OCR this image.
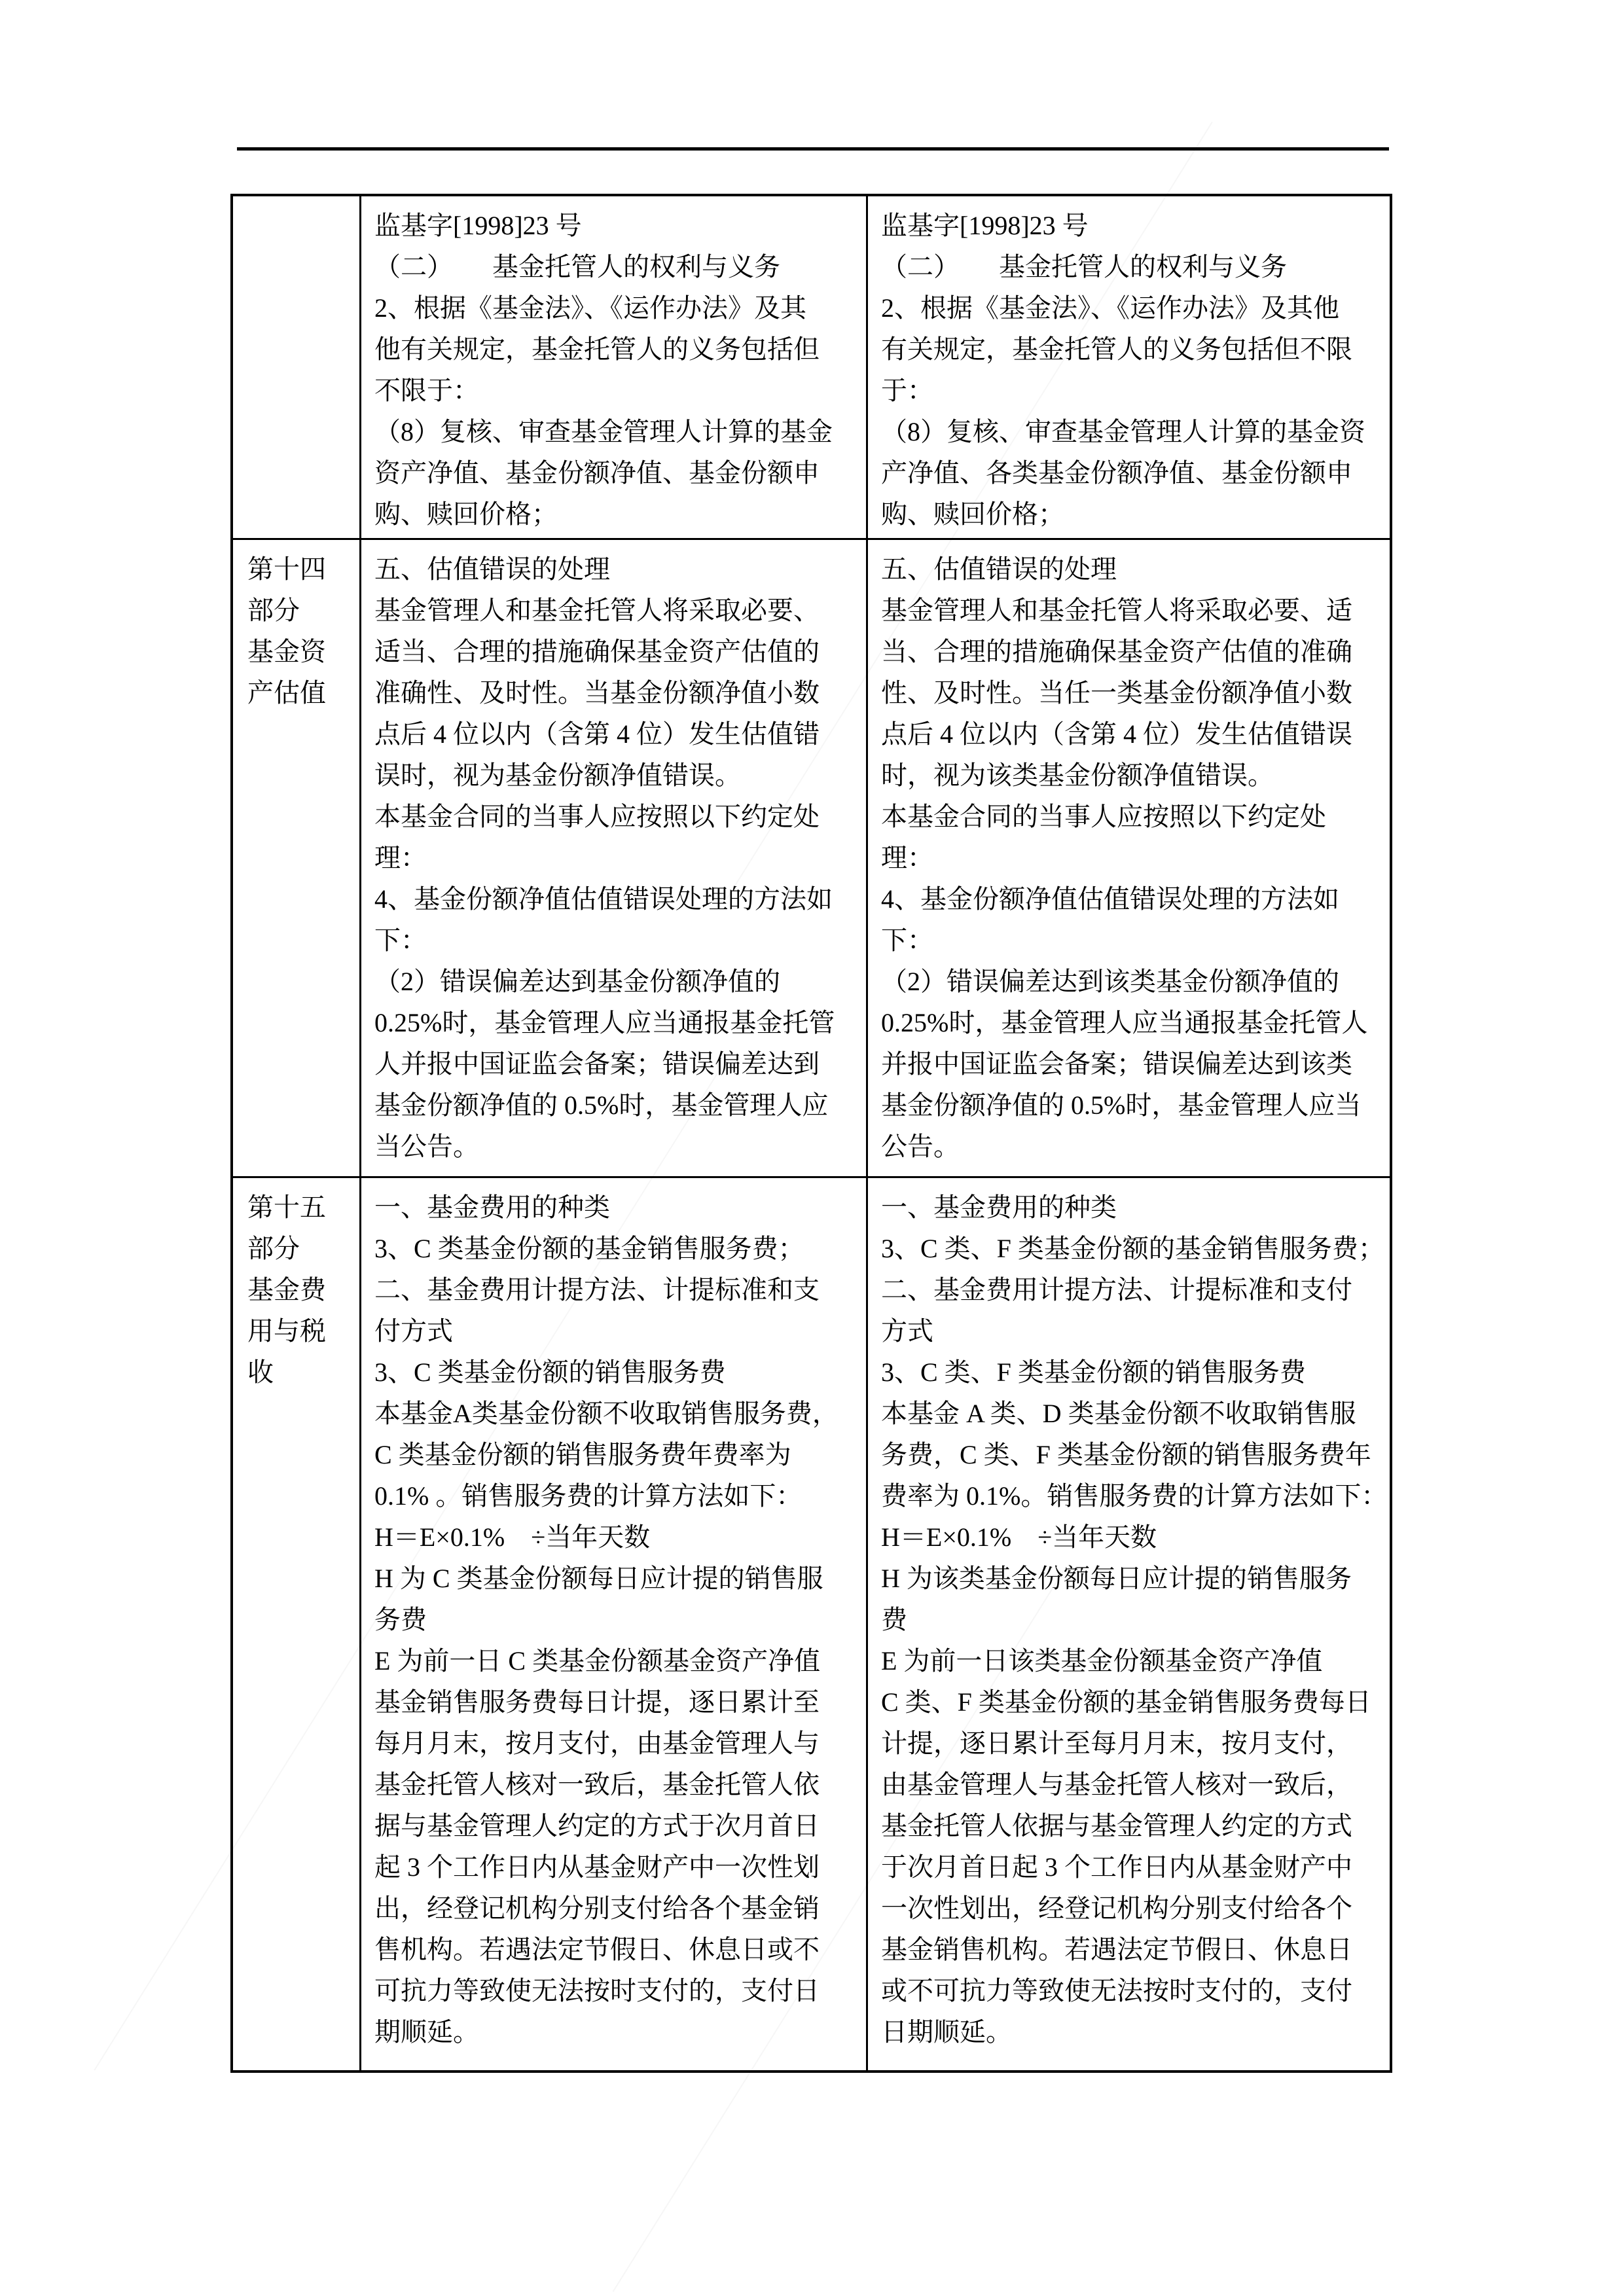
监基字[1998]23 号
（二）　　基金托管人的权利与义务
2、根据《基金法》、《运作办法》及其
他有关规定，基金托管人的义务包括但
不限于：
（8）复核、审查基金管理人计算的基金
资产净值、基金份额净值、基金份额申
购、赎回价格；
监基字[1998]23 号
（二）　　基金托管人的权利与义务
2、根据《基金法》、《运作办法》及其他
有关规定，基金托管人的义务包括但不限
于：
（8）复核、审查基金管理人计算的基金资
产净值、各类基金份额净值、基金份额申
购、赎回价格；
第十四
部分
基金资
产估值
五、估值错误的处理
基金管理人和基金托管人将采取必要、
适当、合理的措施确保基金资产估值的
准确性、及时性。当基金份额净值小数
点后 4 位以内（含第 4 位）发生估值错
误时，视为基金份额净值错误。
本基金合同的当事人应按照以下约定处
理：
4、基金份额净值估值错误处理的方法如
下：
（2）错误偏差达到基金份额净值的
0.25%时，基金管理人应当通报基金托管
人并报中国证监会备案；错误偏差达到
基金份额净值的 0.5%时，基金管理人应
当公告。
五、估值错误的处理
基金管理人和基金托管人将采取必要、适
当、合理的措施确保基金资产估值的准确
性、及时性。当任一类基金份额净值小数
点后 4 位以内（含第 4 位）发生估值错误
时，视为该类基金份额净值错误。
本基金合同的当事人应按照以下约定处
理：
4、基金份额净值估值错误处理的方法如
下：
（2）错误偏差达到该类基金份额净值的
0.25%时，基金管理人应当通报基金托管人
并报中国证监会备案；错误偏差达到该类
基金份额净值的 0.5%时，基金管理人应当
公告。
第十五
部分
基金费
用与税
收
一、基金费用的种类
3、C 类基金份额的基金销售服务费；
二、基金费用计提方法、计提标准和支
付方式
3、C 类基金份额的销售服务费
本基金A类基金份额不收取销售服务费，
C 类基金份额的销售服务费年费率为
0.1% 。销售服务费的计算方法如下：
H＝E×0.1%　÷当年天数
H 为 C 类基金份额每日应计提的销售服
务费
E 为前一日 C 类基金份额基金资产净值
基金销售服务费每日计提，逐日累计至
每月月末，按月支付，由基金管理人与
基金托管人核对一致后，基金托管人依
据与基金管理人约定的方式于次月首日
起 3 个工作日内从基金财产中一次性划
出，经登记机构分别支付给各个基金销
售机构。若遇法定节假日、休息日或不
可抗力等致使无法按时支付的，支付日
期顺延。
一、基金费用的种类
3、C 类、F 类基金份额的基金销售服务费；
二、基金费用计提方法、计提标准和支付
方式
3、C 类、F 类基金份额的销售服务费
本基金 A 类、D 类基金份额不收取销售服
务费，C 类、F 类基金份额的销售服务费年
费率为 0.1%。销售服务费的计算方法如下：
H＝E×0.1%　÷当年天数
H 为该类基金份额每日应计提的销售服务
费
E 为前一日该类基金份额基金资产净值
C 类、F 类基金份额的基金销售服务费每日
计提，逐日累计至每月月末，按月支付，
由基金管理人与基金托管人核对一致后，
基金托管人依据与基金管理人约定的方式
于次月首日起 3 个工作日内从基金财产中
一次性划出，经登记机构分别支付给各个
基金销售机构。若遇法定节假日、休息日
或不可抗力等致使无法按时支付的，支付
日期顺延。
